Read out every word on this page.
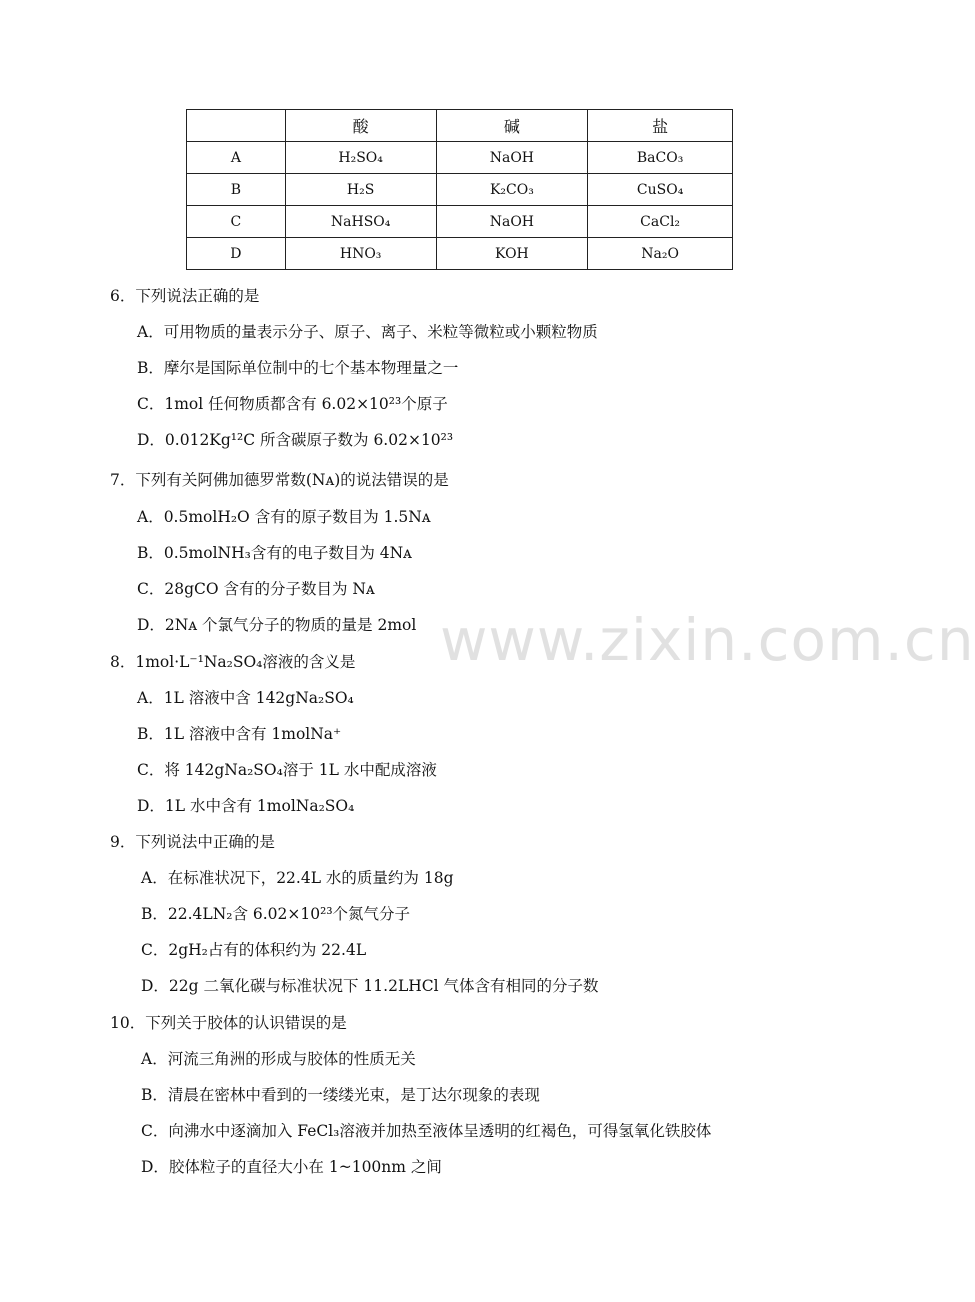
	酸	碱	盐
A	H₂SO₄	NaOH	BaCO₃
B	H₂S	K₂CO₃	CuSO₄
C	NaHSO₄	NaOH	CaCl₂
D	HNO₃	KOH	Na₂O
6．下列说法正确的是
A．可用物质的量表示分子、原子、离子、米粒等微粒或小颗粒物质
B．摩尔是国际单位制中的七个基本物理量之一
C．1mol 任何物质都含有 6.02×10²³个原子
D．0.012Kg¹²C 所含碳原子数为 6.02×10²³
7．下列有关阿佛加德罗常数(Nᴀ)的说法错误的是
A．0.5molH₂O 含有的原子数目为 1.5Nᴀ
B．0.5molNH₃含有的电子数目为 4Nᴀ
C．28gCO 含有的分子数目为 Nᴀ
D．2Nᴀ 个氯气分子的物质的量是 2mol
8．1mol·L⁻¹Na₂SO₄溶液的含义是
A．1L 溶液中含 142gNa₂SO₄
B．1L 溶液中含有 1molNa⁺
C．将 142gNa₂SO₄溶于 1L 水中配成溶液
D．1L 水中含有 1molNa₂SO₄
9．下列说法中正确的是
A．在标准状况下，22.4L 水的质量约为 18g
B．22.4LN₂含 6.02×10²³个氮气分子
C．2gH₂占有的体积约为 22.4L
D．22g 二氧化碳与标准状况下 11.2LHCl 气体含有相同的分子数
10．下列关于胶体的认识错误的是
A．河流三角洲的形成与胶体的性质无关
B．清晨在密林中看到的一缕缕光束，是丁达尔现象的表现
C．向沸水中逐滴加入 FeCl₃溶液并加热至液体呈透明的红褐色，可得氢氧化铁胶体
D．胶体粒子的直径大小在 1~100nm 之间
www.zixin.com.cn
